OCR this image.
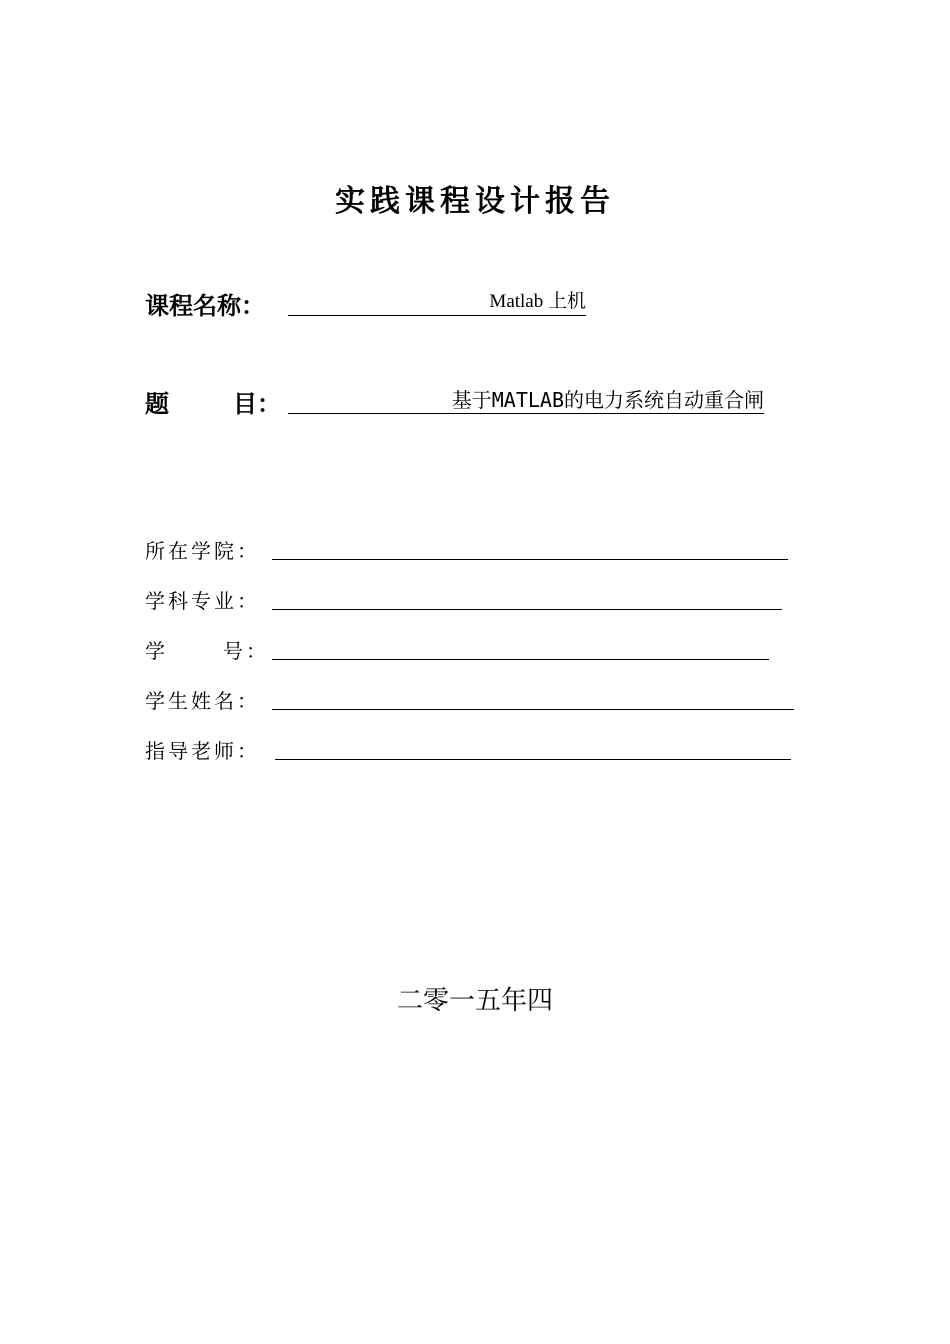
实践课程设计报告
课程名称：	Matlab 上机
题	目：	基于MATLAB的电力系统自动重合闸
所在学院：
学科专业：
学	号：
学生姓名：
指导老师：
二零一五年四
